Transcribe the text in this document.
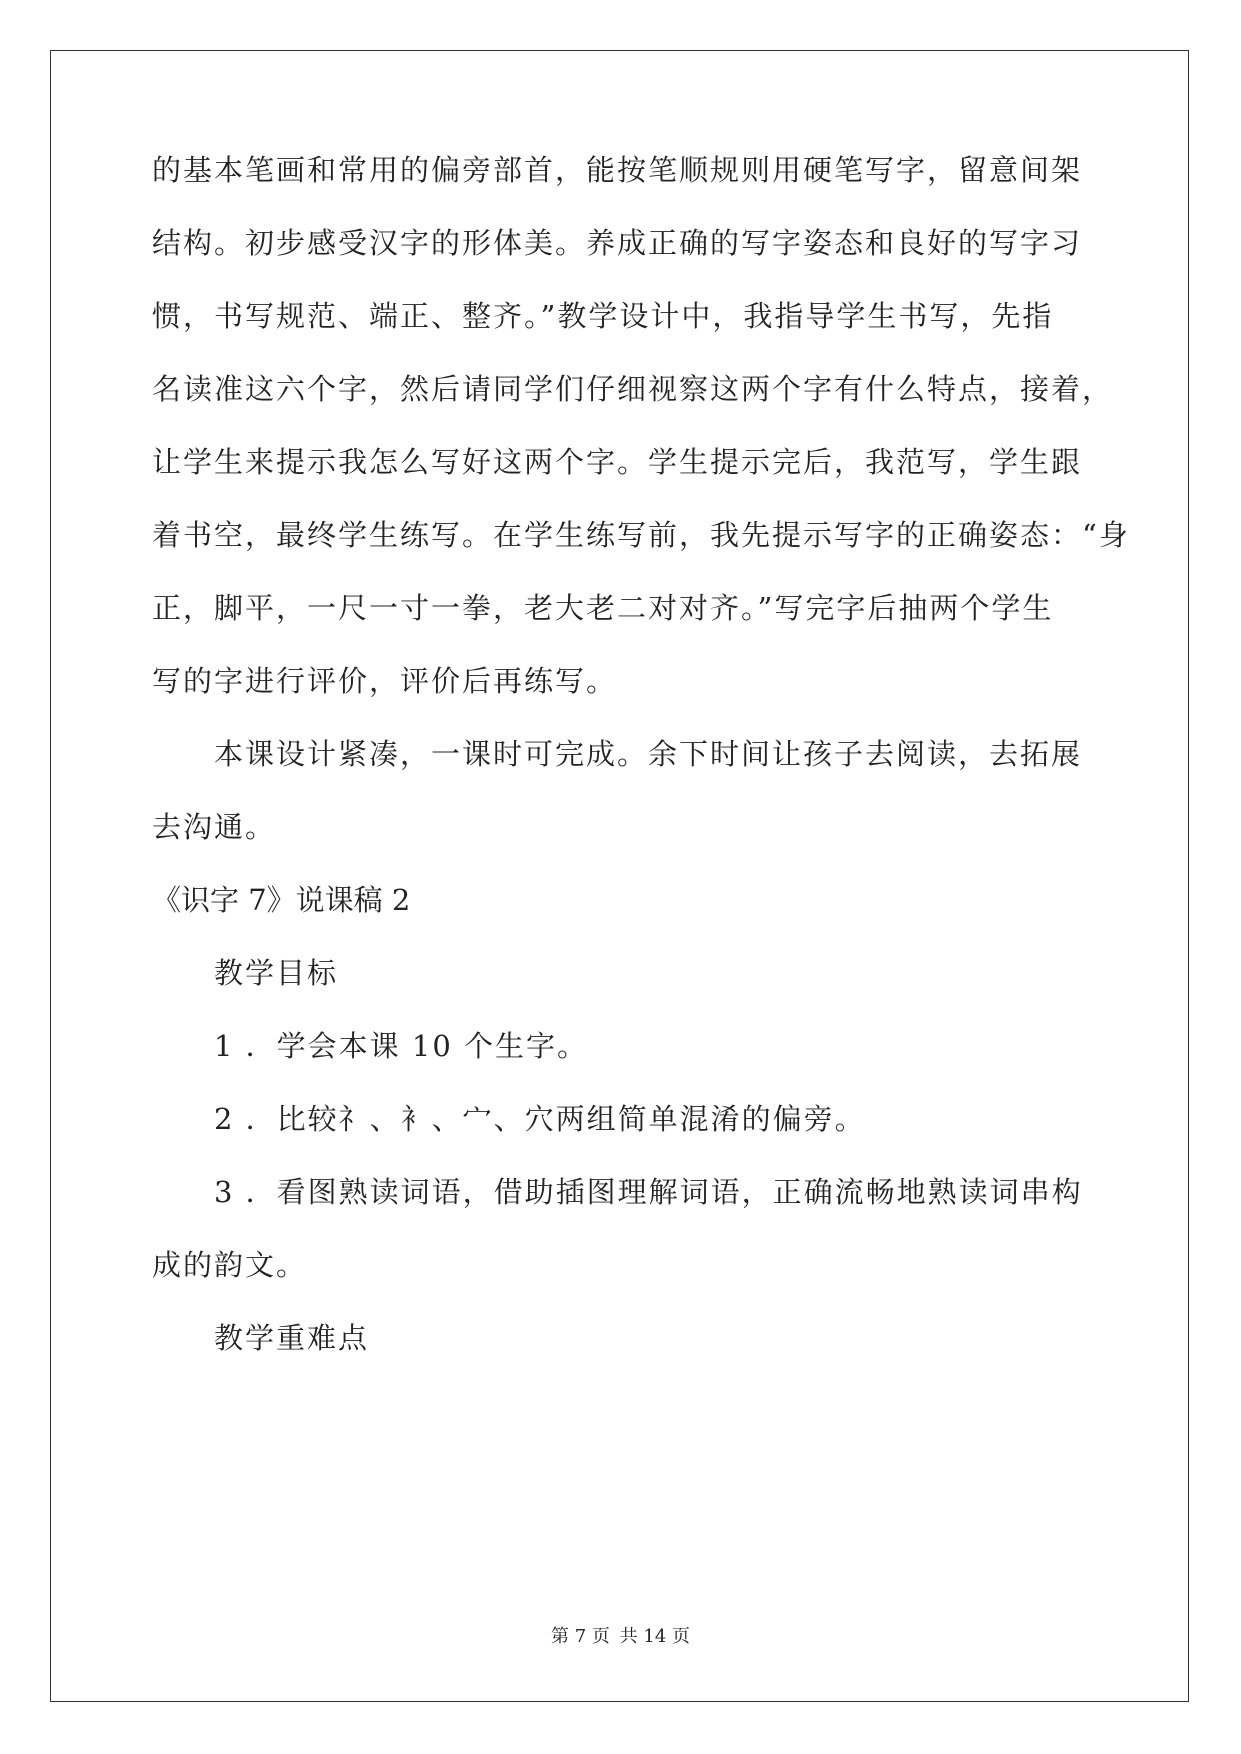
的基本笔画和常用的偏旁部首，能按笔顺规则用硬笔写字，留意间架
结构。初步感受汉字的形体美。养成正确的写字姿态和良好的写字习
惯，书写规范、端正、整齐。”教学设计中，我指导学生书写，先指
名读准这六个字，然后请同学们仔细视察这两个字有什么特点，接着，
让学生来提示我怎么写好这两个字。学生提示完后，我范写，学生跟
着书空，最终学生练写。在学生练写前，我先提示写字的正确姿态：“身
正，脚平，一尺一寸一拳，老大老二对对齐。”写完字后抽两个学生
写的字进行评价，评价后再练写。
本课设计紧凑，一课时可完成。余下时间让孩子去阅读，去拓展
去沟通。
《识字 7》说课稿 2
教学目标
1 ．学会本课 10 个生字。
2 ．比较礻、衤、宀、穴两组简单混淆的偏旁。
3 ．看图熟读词语，借助插图理解词语，正确流畅地熟读词串构
成的韵文。
教学重难点
第 7 页 共 14 页
